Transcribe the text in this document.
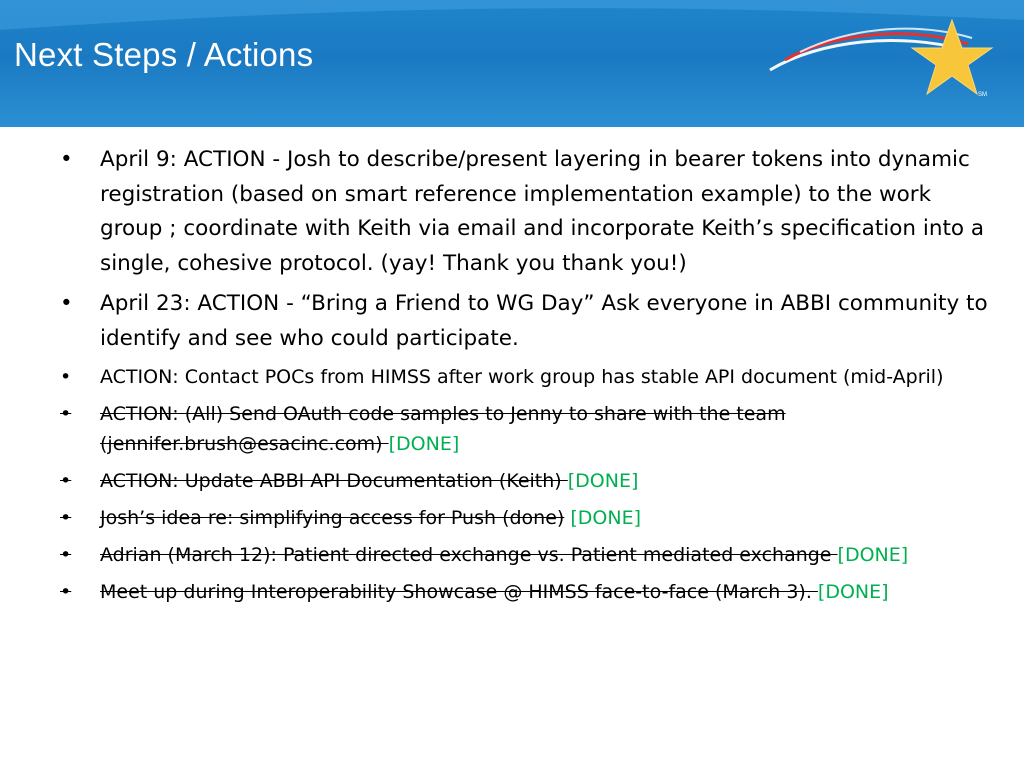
SM
Next Steps / Actions
• April 9: ACTION - Josh to describe/present layering in bearer tokens into dynamic registration (based on smart reference implementation example) to the work group ; coordinate with Keith via email and incorporate Keith’s specification into a single, cohesive protocol. (yay! Thank you thank you!)
• April 23: ACTION - “Bring a Friend to WG Day” Ask everyone in ABBI community to identify and see who could participate.
• ACTION: Contact POCs from HIMSS after work group has stable API document (mid-April)
• ACTION: (All) Send OAuth code samples to Jenny to share with the team (jennifer.brush@esacinc.com) [DONE]
• ACTION: Update ABBI API Documentation (Keith) [DONE]
• Josh’s idea re: simplifying access for Push (done) [DONE]
• Adrian (March 12): Patient directed exchange vs. Patient mediated exchange [DONE]
• Meet up during Interoperability Showcase @ HIMSS face-to-face (March 3). [DONE]
